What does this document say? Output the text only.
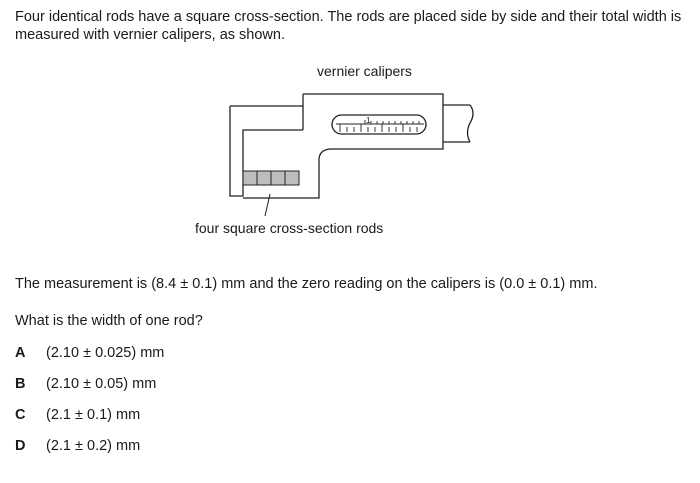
Four identical rods have a square cross-section. The rods are placed side by side and their total width is measured with vernier calipers, as shown.

1
vernier calipers
four square cross-section rods

The measurement is (8.4 ± 0.1) mm and the zero reading on the calipers is (0.0 ± 0.1) mm.

What is the width of one rod?

A	(2.10 ± 0.025) mm
B	(2.10 ± 0.05) mm
C	(2.1 ± 0.1) mm
D	(2.1 ± 0.2) mm
